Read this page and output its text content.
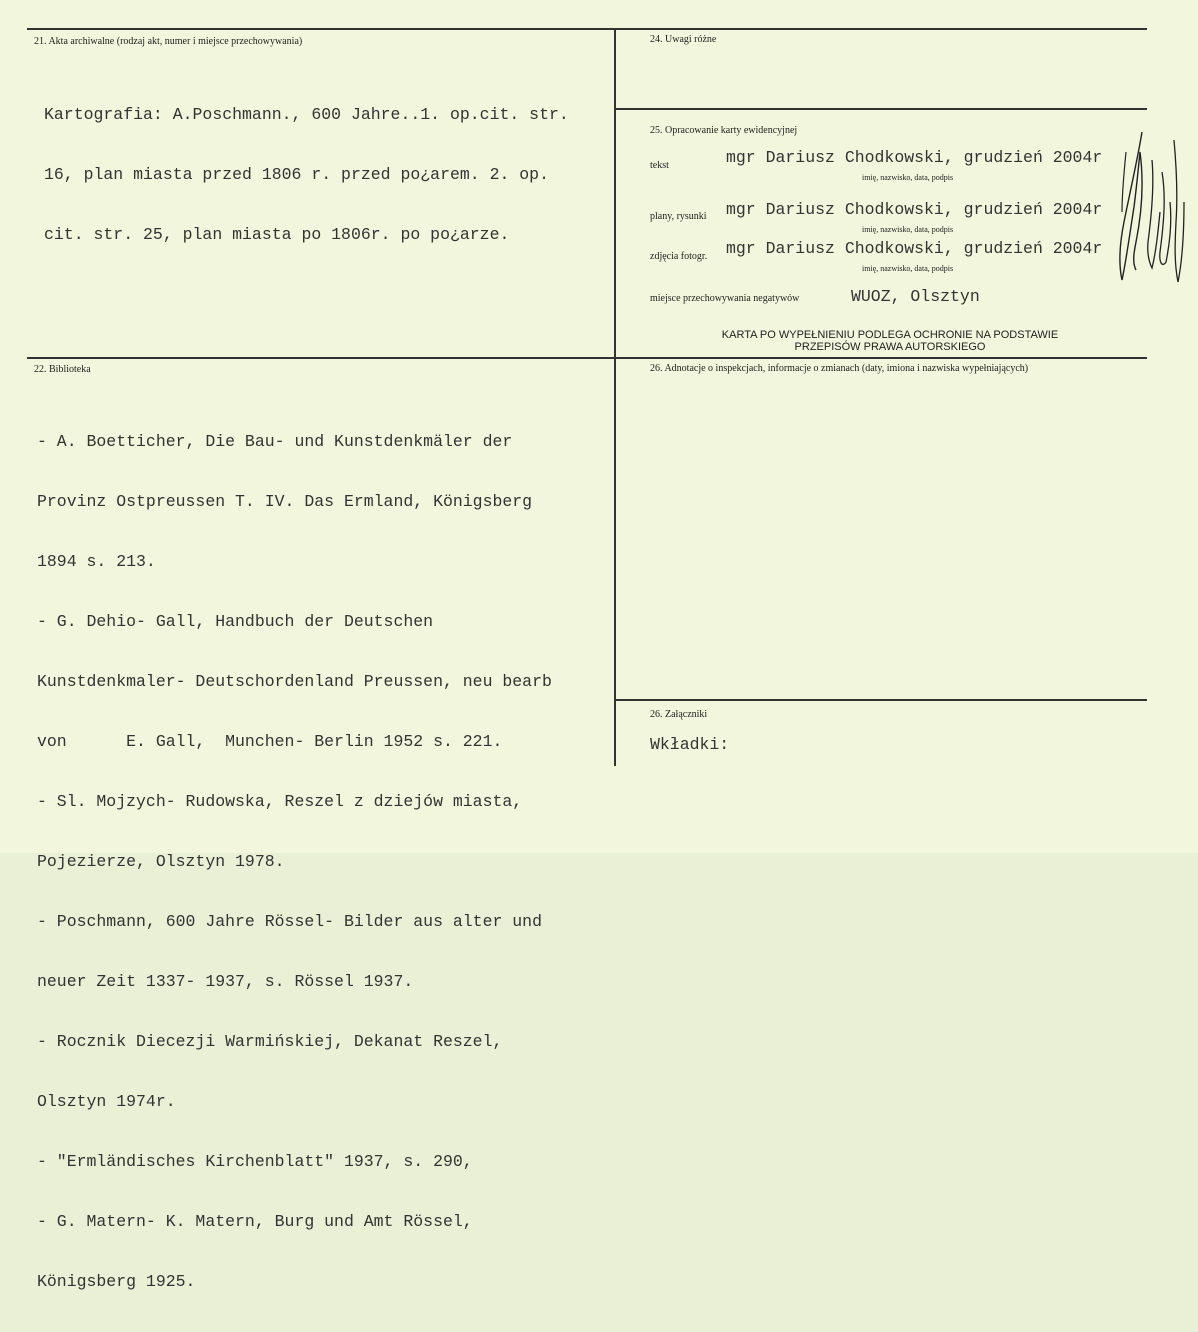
21. Akta archiwalne (rodzaj akt, numer i miejsce przechowywania)

Kartografia: A.Poschmann., 600 Jahre..1. op.cit. str.

16, plan miasta przed 1806 r. przed po¿arem. 2. op.

cit. str. 25, plan miasta po 1806r. po po¿arze.

24. Uwagi różne
25. Opracowanie karty ewidencyjnej
tekst	mgr Dariusz Chodkowski, grudzień 2004r
imię, nazwisko, data, podpis
plany, rysunki mgr Dariusz Chodkowski, grudzień 2004r
imię, nazwisko, data, podpis
zdjęcia fotogr. mgr Dariusz Chodkowski, grudzień 2004r
imię, nazwisko, data, podpis
miejsce przechowywania negatywów	WUOZ, Olsztyn
KARTA PO WYPEŁNIENIU PODLEGA OCHRONIE NA PODSTAWIE
PRZEPISÓW PRAWA AUTORSKIEGO
22. Biblioteka

- A. Boetticher, Die Bau- und Kunstdenkmäler der

Provinz Ostpreussen T. IV. Das Ermland, Königsberg

1894 s. 213.

- G. Dehio- Gall, Handbuch der Deutschen

Kunstdenkmaler- Deutschordenland Preussen, neu bearb

von      E. Gall,  Munchen- Berlin 1952 s. 221.

- Sl. Mojzych- Rudowska, Reszel z dziejów miasta,

Pojezierze, Olsztyn 1978.

- Poschmann, 600 Jahre Rössel- Bilder aus alter und

neuer Zeit 1337- 1937, s. Rössel 1937.

- Rocznik Diecezji Warmińskiej, Dekanat Reszel,

Olsztyn 1974r.

- "Ermländisches Kirchenblatt" 1937, s. 290,

- G. Matern- K. Matern, Burg und Amt Rössel,

Königsberg 1925.

26. Adnotacje o inspekcjach, informacje o zmianach (daty, imiona i nazwiska wypełniających)
26. Załączniki
Wkładki:
